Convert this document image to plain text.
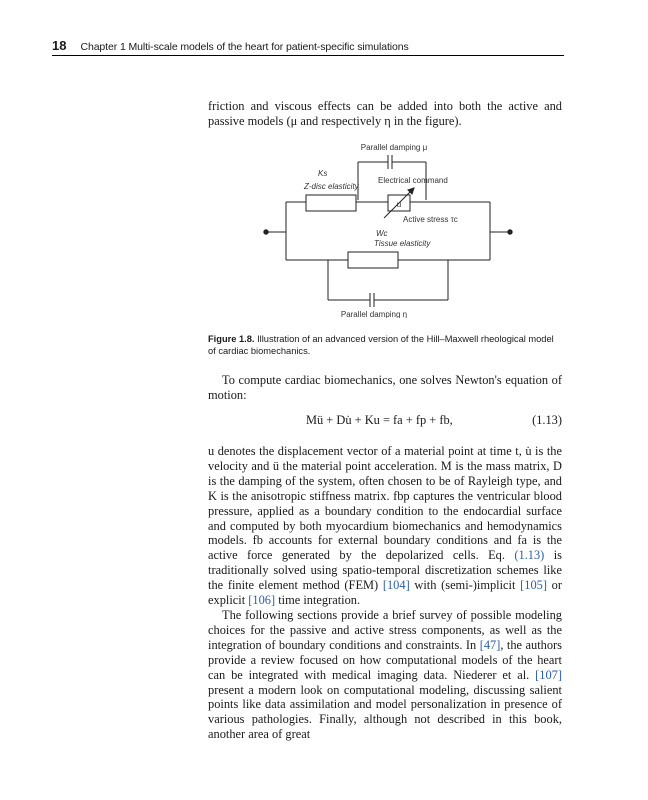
18 Chapter 1 Multi-scale models of the heart for patient-specific simulations

friction and viscous effects can be added into both the active and passive models (μ and respectively η in the figure).

Parallel damping μ
Ks
Z-disc elasticity
Electrical command
u
Active stress τc
Wc
Tissue elasticity
Parallel damping η
Figure 1.8. Illustration of an advanced version of the Hill–Maxwell rheological model of cardiac biomechanics.

To compute cardiac biomechanics, one solves Newton's equation of motion:

Mü + Du̇ + Ku = fa + fp + fb,	(1.13)

u denotes the displacement vector of a material point at time t, u̇ is the velocity and ü the material point acceleration. M is the mass matrix, D is the damping of the system, often chosen to be of Rayleigh type, and K is the anisotropic stiffness matrix. fbp captures the ventricular blood pressure, applied as a boundary condition to the endocardial surface and computed by both myocardium biomechanics and hemodynamics models. fb accounts for external boundary conditions and fa is the active force generated by the depolarized cells. Eq. (1.13) is traditionally solved using spatio-temporal discretization schemes like the finite element method (FEM) [104] with (semi-)implicit [105] or explicit [106] time integration.

The following sections provide a brief survey of possible modeling choices for the passive and active stress components, as well as the integration of boundary conditions and constraints. In [47], the authors provide a review focused on how computational models of the heart can be integrated with medical imaging data. Niederer et al. [107] present a modern look on computational modeling, discussing salient points like data assimilation and model personalization in presence of various pathologies. Finally, although not described in this book, another area of great
